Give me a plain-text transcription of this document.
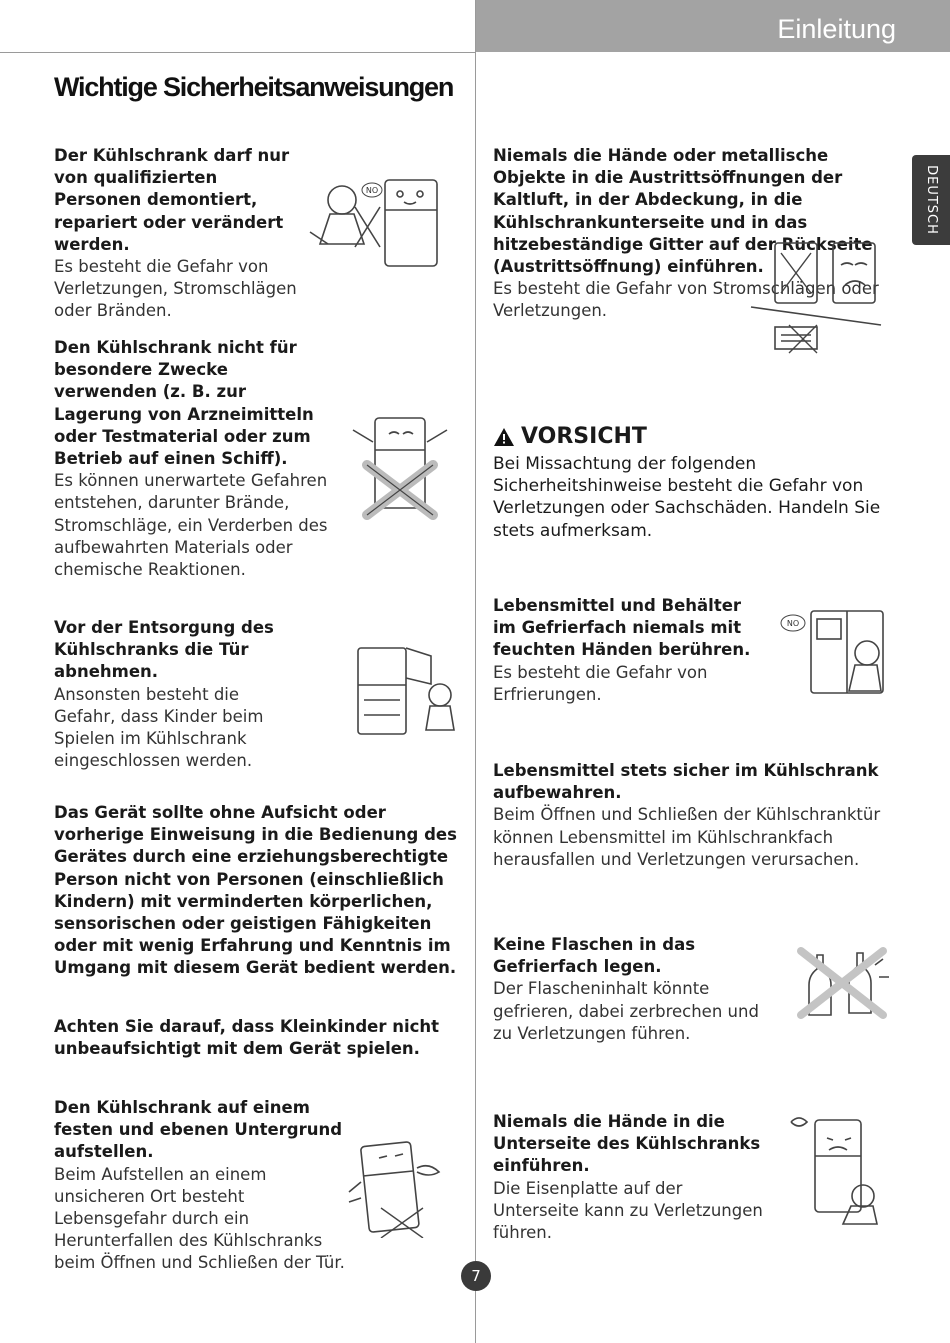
Einleitung
DEUTSCH
Wichtige Sicherheitsanweisungen
Der Kühlschrank darf nur von qualifizierten Personen demontiert, repariert oder verändert werden.
Es besteht die Gefahr von Verletzungen, Stromschlägen oder Bränden.
Den Kühlschrank nicht für besondere Zwecke verwenden (z. B. zur Lagerung von Arzneimitteln oder Testmaterial oder zum Betrieb auf einen Schiff).
Es können unerwartete Gefahren entstehen, darunter Brände, Stromschläge, ein Verderben des aufbewahrten Materials oder chemische Reaktionen.
Vor der Entsorgung des Kühlschranks die Tür abnehmen.
Ansonsten besteht die Gefahr, dass Kinder beim Spielen im Kühlschrank eingeschlossen werden.
Das Gerät sollte ohne Aufsicht oder vorherige Einweisung in die Bedienung des Gerätes durch eine erziehungsberechtigte Person nicht von Personen (einschließlich Kindern) mit verminderten körperlichen, sensorischen oder geistigen Fähigkeiten oder mit wenig Erfahrung und Kenntnis im Umgang mit diesem Gerät bedient werden.
Achten Sie darauf, dass Kleinkinder nicht unbeaufsichtigt mit dem Gerät spielen.
Den Kühlschrank auf einem festen und ebenen Untergrund aufstellen.
Beim Aufstellen an einem unsicheren Ort besteht Lebensgefahr durch ein Herunterfallen des Kühlschranks beim Öffnen und Schließen der Tür.
Niemals die Hände oder metallische Objekte in die Austrittsöffnungen der Kaltluft, in der Abdeckung, in die Kühlschrankunterseite und in das hitzebeständige Gitter auf der Rückseite (Austrittsöffnung) einführen.
Es besteht die Gefahr von Stromschlägen oder Verletzungen.
VORSICHT
Bei Missachtung der folgenden Sicherheitshinweise besteht die Gefahr von Verletzungen oder Sachschäden. Handeln Sie stets aufmerksam.
Lebensmittel und Behälter im Gefrierfach niemals mit feuchten Händen berühren.
Es besteht die Gefahr von Erfrierungen.
Lebensmittel stets sicher im Kühlschrank aufbewahren.
Beim Öffnen und Schließen der Kühlschranktür können Lebensmittel im Kühlschrankfach herausfallen und Verletzungen verursachen.
Keine Flaschen in das Gefrierfach legen.
Der Flascheninhalt könnte gefrieren, dabei zerbrechen und zu Verletzungen führen.
Niemals die Hände in die Unterseite des Kühlschranks einführen.
Die Eisenplatte auf der Unterseite kann zu Verletzungen führen.
NO
NO
7
